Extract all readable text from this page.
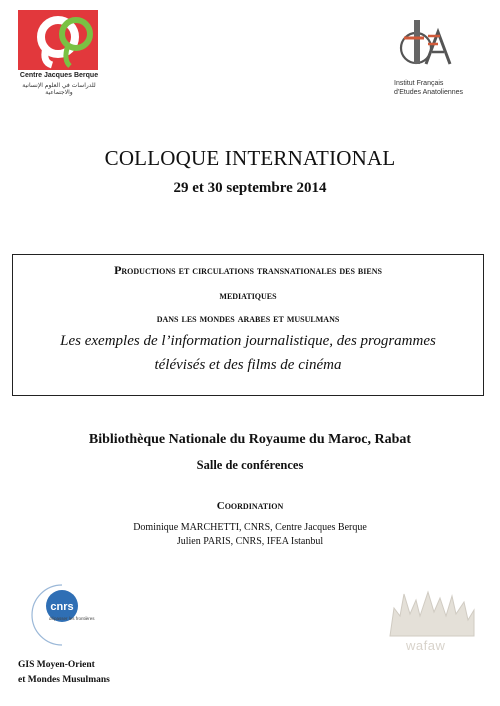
Centre Jacques Berque
للدراسات في العلوم الإنسانية والاجتماعية
Institut Français
d'Etudes Anatoliennes
COLLOQUE INTERNATIONAL
29 et 30 septembre 2014
Productions et circulations transnationales des biens
mediatiques
dans les mondes arabes et musulmans
Les exemples de l’information journalistique, des programmes
télévisés et des films de cinéma
Bibliothèque Nationale du Royaume du Maroc, Rabat
Salle de conférences
Coordination
Dominique MARCHETTI, CNRS, Centre Jacques Berque
Julien PARIS, CNRS, IFEA Istanbul
cnrs
dépasser les frontières
GIS Moyen-Orient
et Mondes Musulmans
wafaw
